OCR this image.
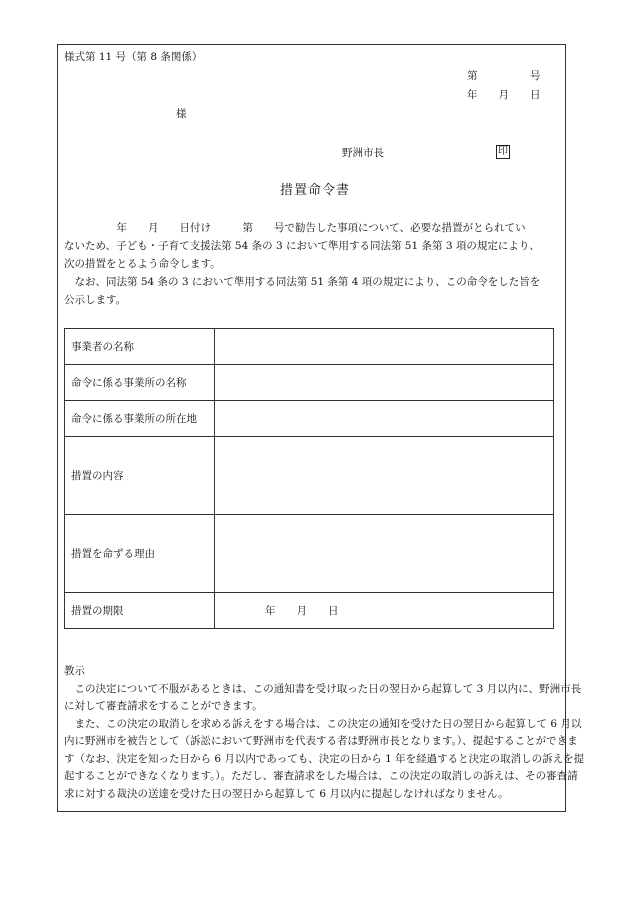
様式第 11 号（第 8 条関係）
第　　　　　号
年　　月　　日
様
野洲市長	印
措置命令書
　　　　　年　　月　　日付け　　　第　　号で勧告した事項について、必要な措置がとられてい
ないため、子ども・子育て支援法第 54 条の 3 において準用する同法第 51 条第 3 項の規定により、
次の措置をとるよう命令します。
　なお、同法第 54 条の 3 において準用する同法第 51 条第 4 項の規定により、この命令をした旨を
公示します。
事業者の名称	
命令に係る事業所の名称	
命令に係る事業所の所在地	
措置の内容	
措置を命ずる理由	
措置の期限	年　　月　　日
教示
　この決定について不服があるときは、この通知書を受け取った日の翌日から起算して 3 月以内に、野洲市長
に対して審査請求をすることができます。
　また、この決定の取消しを求める訴えをする場合は、この決定の通知を受けた日の翌日から起算して 6 月以
内に野洲市を被告として（訴訟において野洲市を代表する者は野洲市長となります。）、提起することができま
す（なお、決定を知った日から 6 月以内であっても、決定の日から 1 年を経過すると決定の取消しの訴えを提
起することができなくなります。）。ただし、審査請求をした場合は、この決定の取消しの訴えは、その審査請
求に対する裁決の送達を受けた日の翌日から起算して 6 月以内に提起しなければなりません。
